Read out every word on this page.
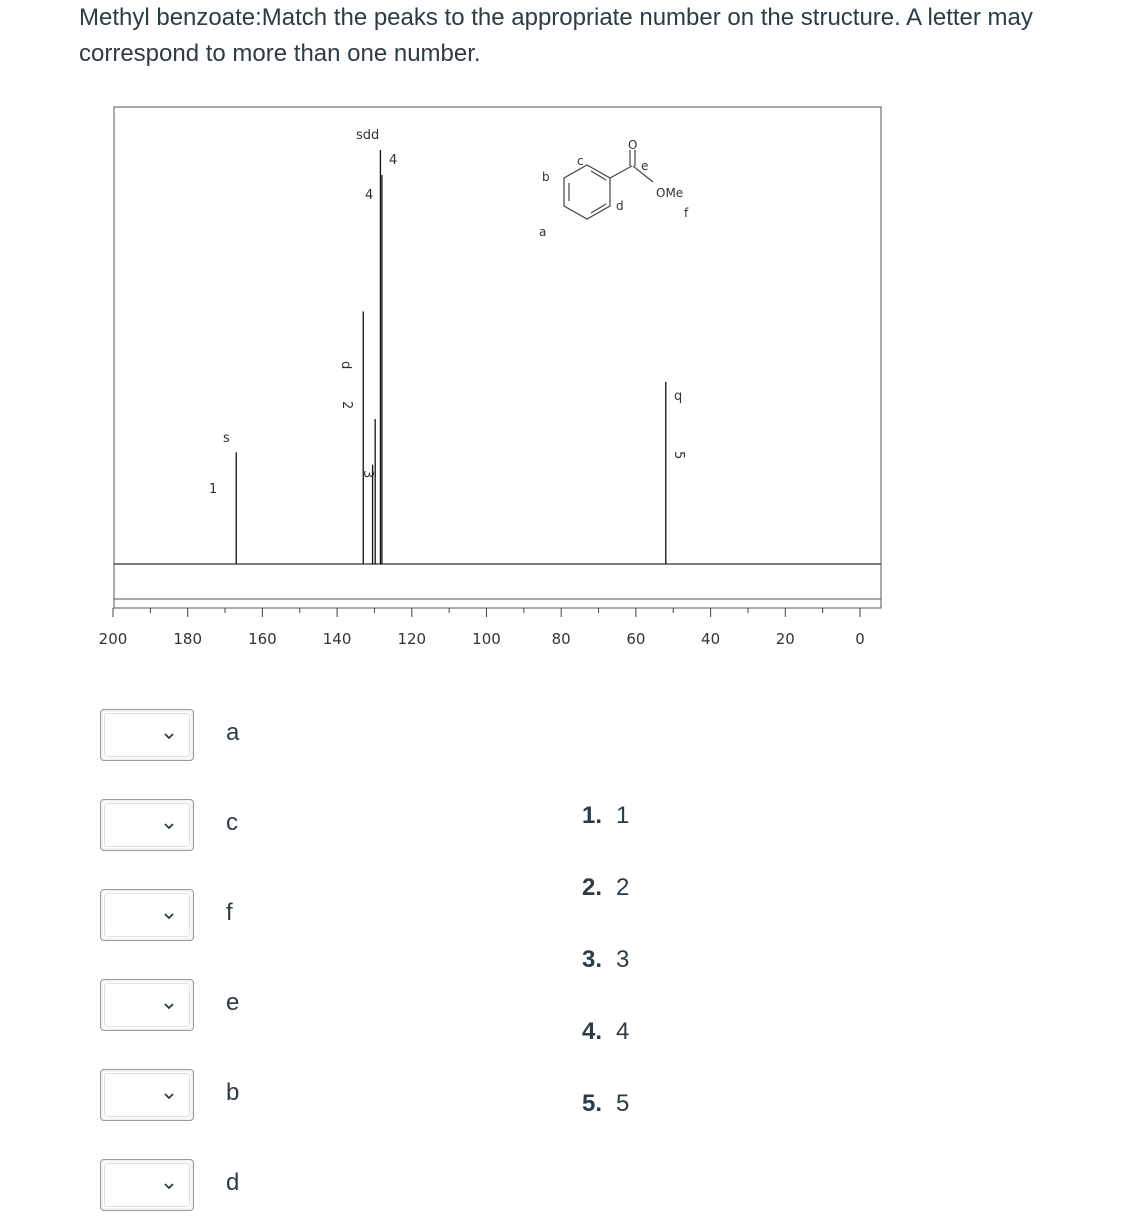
Methyl benzoate:Match the peaks to the appropriate number on the structure. A letter may correspond to more than one number.
200	180	160	140	120	100	80	60	40	20	0
sdd
4
4
d
2
3
s
1
q
5
O
e
OMe
f
c
b
d
a
a
c
f
e
b
d
1. 1
2. 2
3. 3
4. 4
5. 5
